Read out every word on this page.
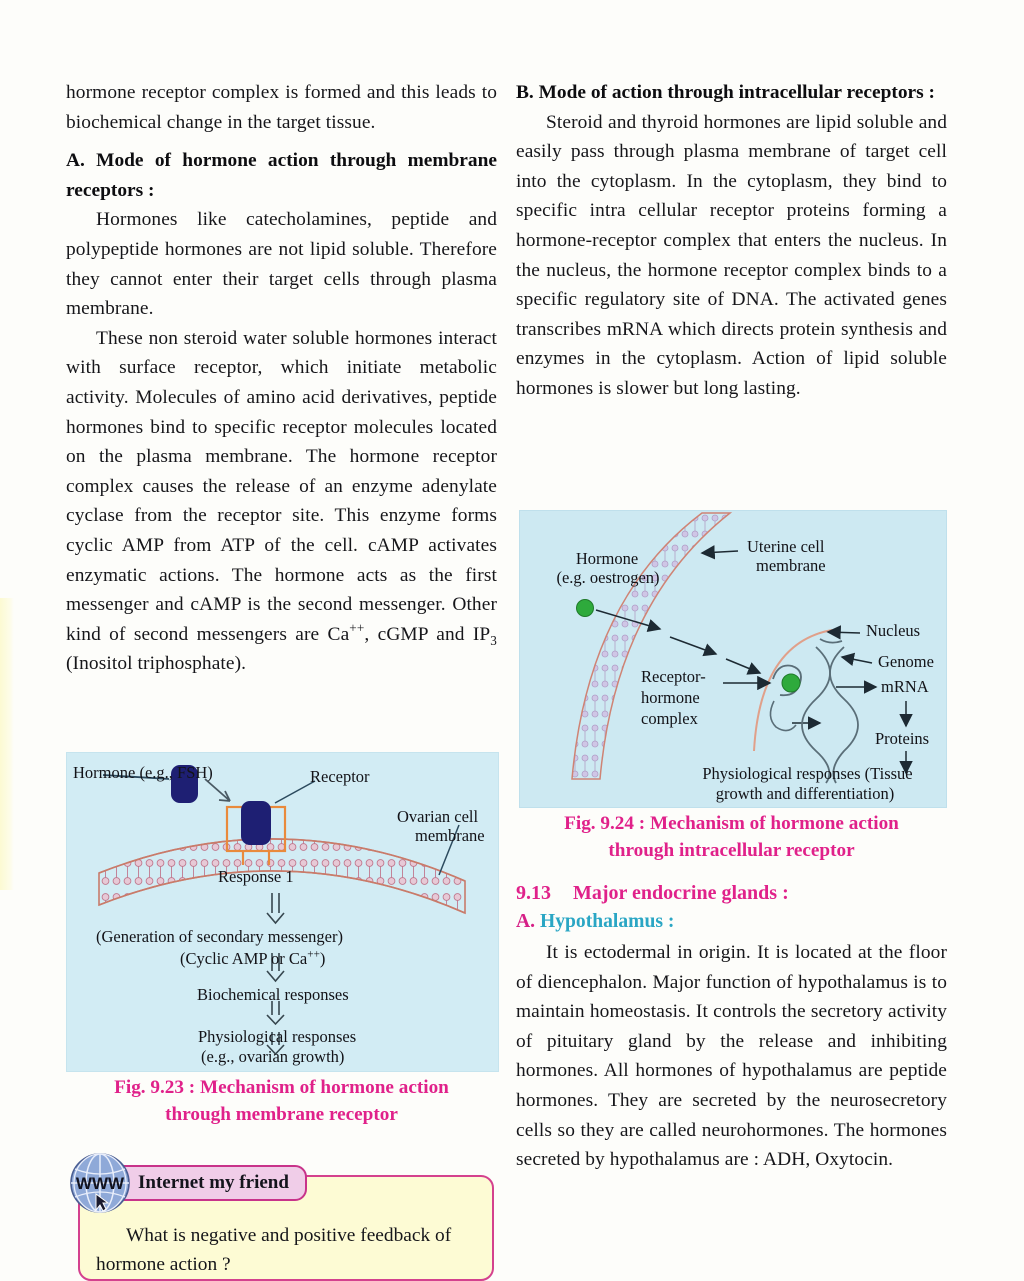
hormone receptor complex is formed and this leads to biochemical change in the target tissue.

A. Mode of hormone action through membrane receptors :

Hormones like catecholamines, peptide and polypeptide hormones are not lipid soluble. Therefore they cannot enter their target cells through plasma membrane.

These non steroid water soluble hormones interact with surface receptor, which initiate metabolic activity. Molecules of amino acid derivatives, peptide hormones bind to specific receptor molecules located on the plasma membrane. The hormone receptor complex causes the release of an enzyme adenylate cyclase from the receptor site. This enzyme forms cyclic AMP from ATP of the cell. cAMP activates enzymatic actions. The hormone acts as the first messenger and cAMP is the second messenger. Other kind of second messengers are Ca++, cGMP and $IP_3$ (Inositol triphosphate).

Hormone (e.g., FSH)	Receptor
Ovarian cell
membrane
Response 1
(Generation of secondary messenger)
(Cyclic AMP or Ca++)
Biochemical responses
Physiological responses
(e.g., ovarian growth)
Fig. 9.23 : Mechanism of hormone action
through membrane receptor
Internet my friend
WWW
What is negative and positive feedback of hormone action ?

B. Mode of action through intracellular receptors :

Steroid and thyroid hormones are lipid soluble and easily pass through plasma membrane of target cell into the cytoplasm. In the cytoplasm, they bind to specific intra cellular receptor proteins forming a hormone-receptor complex that enters the nucleus. In the nucleus, the hormone receptor complex binds to a specific regulatory site of DNA. The activated genes transcribes mRNA which directs protein synthesis and enzymes in the cytoplasm. Action of lipid soluble hormones is slower but long lasting.

Hormone
(e.g. oestrogen)
Uterine cell
membrane
Nucleus
Genome
mRNA
Proteins
Receptor-
hormone
complex
Physiological responses (Tissue
growth and differentiation)
Fig. 9.24 : Mechanism of hormone action
through intracellular receptor
9.13 Major endocrine glands :
A. Hypothalamus :

It is ectodermal in origin. It is located at the floor of diencephalon. Major function of hypothalamus is to maintain homeostasis. It controls the secretory activity of pituitary gland by the release and inhibiting hormones. All hormones of hypothalamus are peptide hormones. They are secreted by the neurosecretory cells so they are called neurohormones. The hormones secreted by hypothalamus are : ADH, Oxytocin.
